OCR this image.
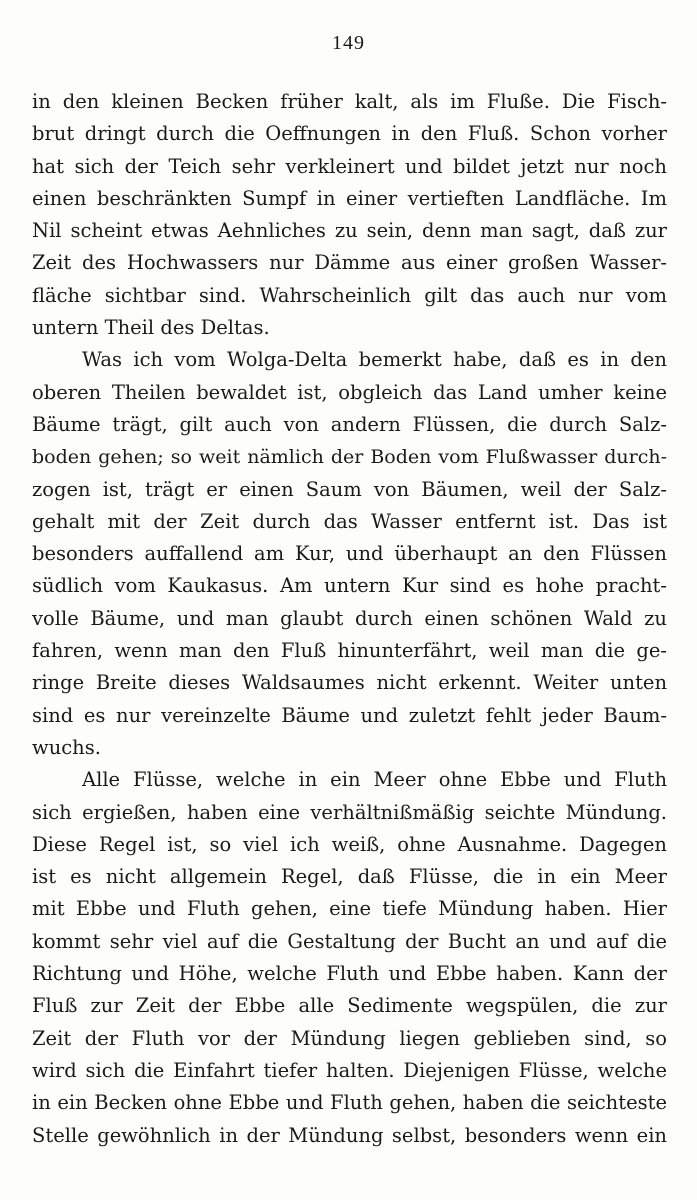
149
in den kleinen Becken früher kalt, als im Fluße. Die Fisch-
brut dringt durch die Oeffnungen in den Fluß. Schon vorher
hat sich der Teich sehr verkleinert und bildet jetzt nur noch
einen beschränkten Sumpf in einer vertieften Landfläche. Im
Nil scheint etwas Aehnliches zu sein, denn man sagt, daß zur
Zeit des Hochwassers nur Dämme aus einer großen Wasser-
fläche sichtbar sind. Wahrscheinlich gilt das auch nur vom
untern Theil des Deltas.
Was ich vom Wolga-Delta bemerkt habe, daß es in den
oberen Theilen bewaldet ist, obgleich das Land umher keine
Bäume trägt, gilt auch von andern Flüssen, die durch Salz-
boden gehen; so weit nämlich der Boden vom Flußwasser durch-
zogen ist, trägt er einen Saum von Bäumen, weil der Salz-
gehalt mit der Zeit durch das Wasser entfernt ist. Das ist
besonders auffallend am Kur, und überhaupt an den Flüssen
südlich vom Kaukasus. Am untern Kur sind es hohe pracht-
volle Bäume, und man glaubt durch einen schönen Wald zu
fahren, wenn man den Fluß hinunterfährt, weil man die ge-
ringe Breite dieses Waldsaumes nicht erkennt. Weiter unten
sind es nur vereinzelte Bäume und zuletzt fehlt jeder Baum-
wuchs.
Alle Flüsse, welche in ein Meer ohne Ebbe und Fluth
sich ergießen, haben eine verhältnißmäßig seichte Mündung.
Diese Regel ist, so viel ich weiß, ohne Ausnahme. Dagegen
ist es nicht allgemein Regel, daß Flüsse, die in ein Meer
mit Ebbe und Fluth gehen, eine tiefe Mündung haben. Hier
kommt sehr viel auf die Gestaltung der Bucht an und auf die
Richtung und Höhe, welche Fluth und Ebbe haben. Kann der
Fluß zur Zeit der Ebbe alle Sedimente wegspülen, die zur
Zeit der Fluth vor der Mündung liegen geblieben sind, so
wird sich die Einfahrt tiefer halten. Diejenigen Flüsse, welche
in ein Becken ohne Ebbe und Fluth gehen, haben die seichteste
Stelle gewöhnlich in der Mündung selbst, besonders wenn ein
